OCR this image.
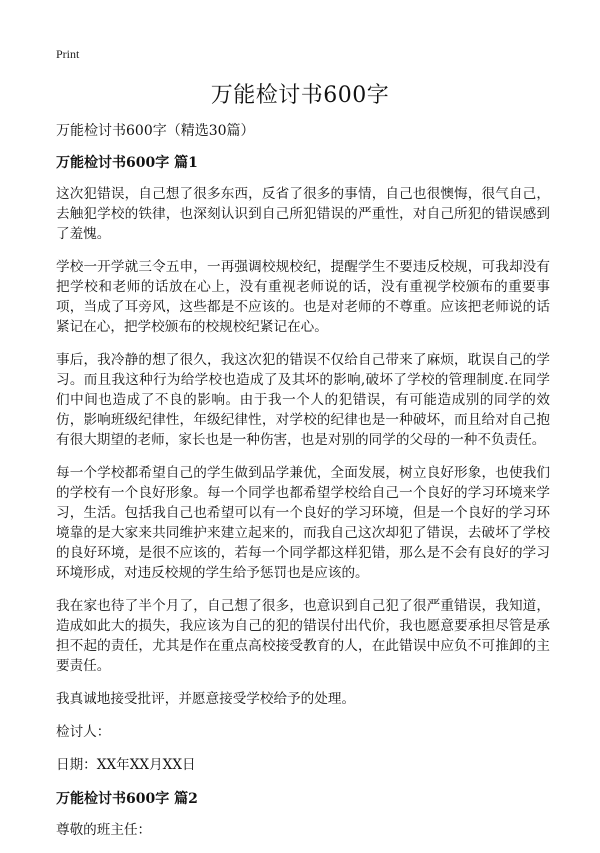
Print
万能检讨书600字
万能检讨书600字（精选30篇）
万能检讨书600字 篇1

这次犯错误，自己想了很多东西，反省了很多的事情，自己也很懊悔，很气自己，去触犯学校的铁律，也深刻认识到自己所犯错误的严重性，对自己所犯的错误感到了羞愧。

学校一开学就三令五申，一再强调校规校纪，提醒学生不要违反校规，可我却没有把学校和老师的话放在心上，没有重视老师说的话，没有重视学校颁布的重要事项，当成了耳旁风，这些都是不应该的。也是对老师的不尊重。应该把老师说的话紧记在心，把学校颁布的校规校纪紧记在心。

事后，我冷静的想了很久，我这次犯的错误不仅给自己带来了麻烦，耽误自己的学习。而且我这种行为给学校也造成了及其坏的影响,破坏了学校的管理制度.在同学们中间也造成了不良的影响。由于我一个人的犯错误，有可能造成别的同学的效仿，影响班级纪律性，年级纪律性，对学校的纪律也是一种破坏，而且给对自己抱有很大期望的老师，家长也是一种伤害，也是对别的同学的父母的一种不负责任。

每一个学校都希望自己的学生做到品学兼优，全面发展，树立良好形象，也使我们的学校有一个良好形象。每一个同学也都希望学校给自己一个良好的学习环境来学习，生活。包括我自己也希望可以有一个良好的学习环境，但是一个良好的学习环境靠的是大家来共同维护来建立起来的，而我自己这次却犯了错误，去破坏了学校的良好环境，是很不应该的，若每一个同学都这样犯错，那么是不会有良好的学习环境形成，对违反校规的学生给予惩罚也是应该的。

我在家也待了半个月了，自己想了很多，也意识到自己犯了很严重错误，我知道，造成如此大的损失，我应该为自己的犯的错误付出代价，我也愿意要承担尽管是承担不起的责任，尤其是作在重点高校接受教育的人，在此错误中应负不可推卸的主要责任。

我真诚地接受批评，并愿意接受学校给予的处理。

检讨人：

日期：XX年XX月XX日

万能检讨书600字 篇2

尊敬的班主任：
